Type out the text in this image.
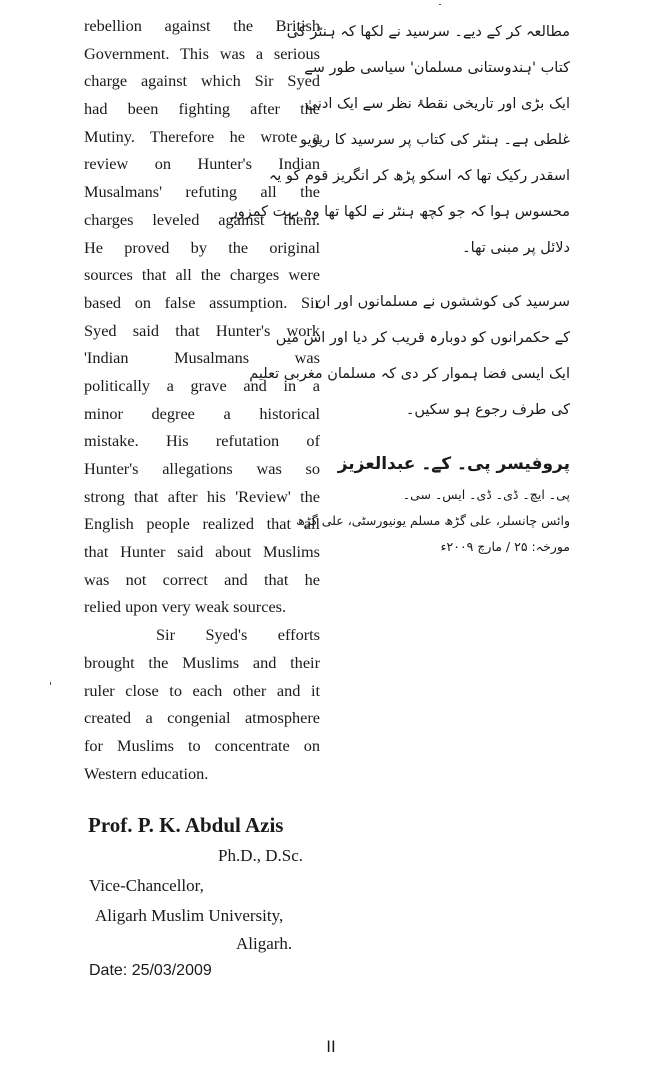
rebellion against the British
Government. This was a serious
charge against which Sir Syed
had been fighting after the
Mutiny. Therefore he wrote a
review on Hunter's Indian
Musalmans' refuting all the
charges leveled against them.
He proved by the original
sources that all the charges were
based on false assumption. Sir
Syed said that Hunter's work
'Indian Musalmans was
politically a grave and in a
minor degree a historical
mistake. His refutation of
Hunter's allegations was so
strong that after his 'Review' the
English people realized that all
that Hunter said about Muslims
was not correct and that he
relied upon very weak sources.
Sir Syed's efforts
brought the Muslims and their
ruler close to each other and it
created a congenial atmosphere
for Muslims to concentrate on
Western education.
مطالعہ کر کے دیے۔ سرسید نے لکھا کہ ہنٹر کی
کتاب 'ہندوستانی مسلمان' سیاسی طور سے
ایک بڑی اور تاریخی نقطۂ نظر سے ایک ادنیٰ
غلطی ہے۔ ہنٹر کی کتاب پر سرسید کا ریویو
اسقدر رکیک تھا کہ اسکو پڑھ کر انگریز قوم کو یہ
محسوس ہوا کہ جو کچھ ہنٹر نے لکھا تھا وہ بہت کمزور
دلائل پر مبنی تھا۔
سرسید کی کوششوں نے مسلمانوں اور ان
کے حکمرانوں کو دوبارہ قریب کر دیا اور اس میں
ایک ایسی فضا ہموار کر دی کہ مسلمان مغربی تعلیم
کی طرف رجوع ہو سکیں۔
پروفیسر پی۔ کے۔ عبدالعزیز
پی۔ ایچ۔ ڈی۔ ڈی۔ ایس۔ سی۔
وائس چانسلر، علی گڑھ مسلم یونیورسٹی، علی گڑھ
مورخہ: ۲۵ / مارچ ۲۰۰۹ء
Prof. P. K. Abdul Azis
Ph.D., D.Sc.
Vice-Chancellor,
Aligarh Muslim University,
Aligarh.
Date: 25/03/2009
II
